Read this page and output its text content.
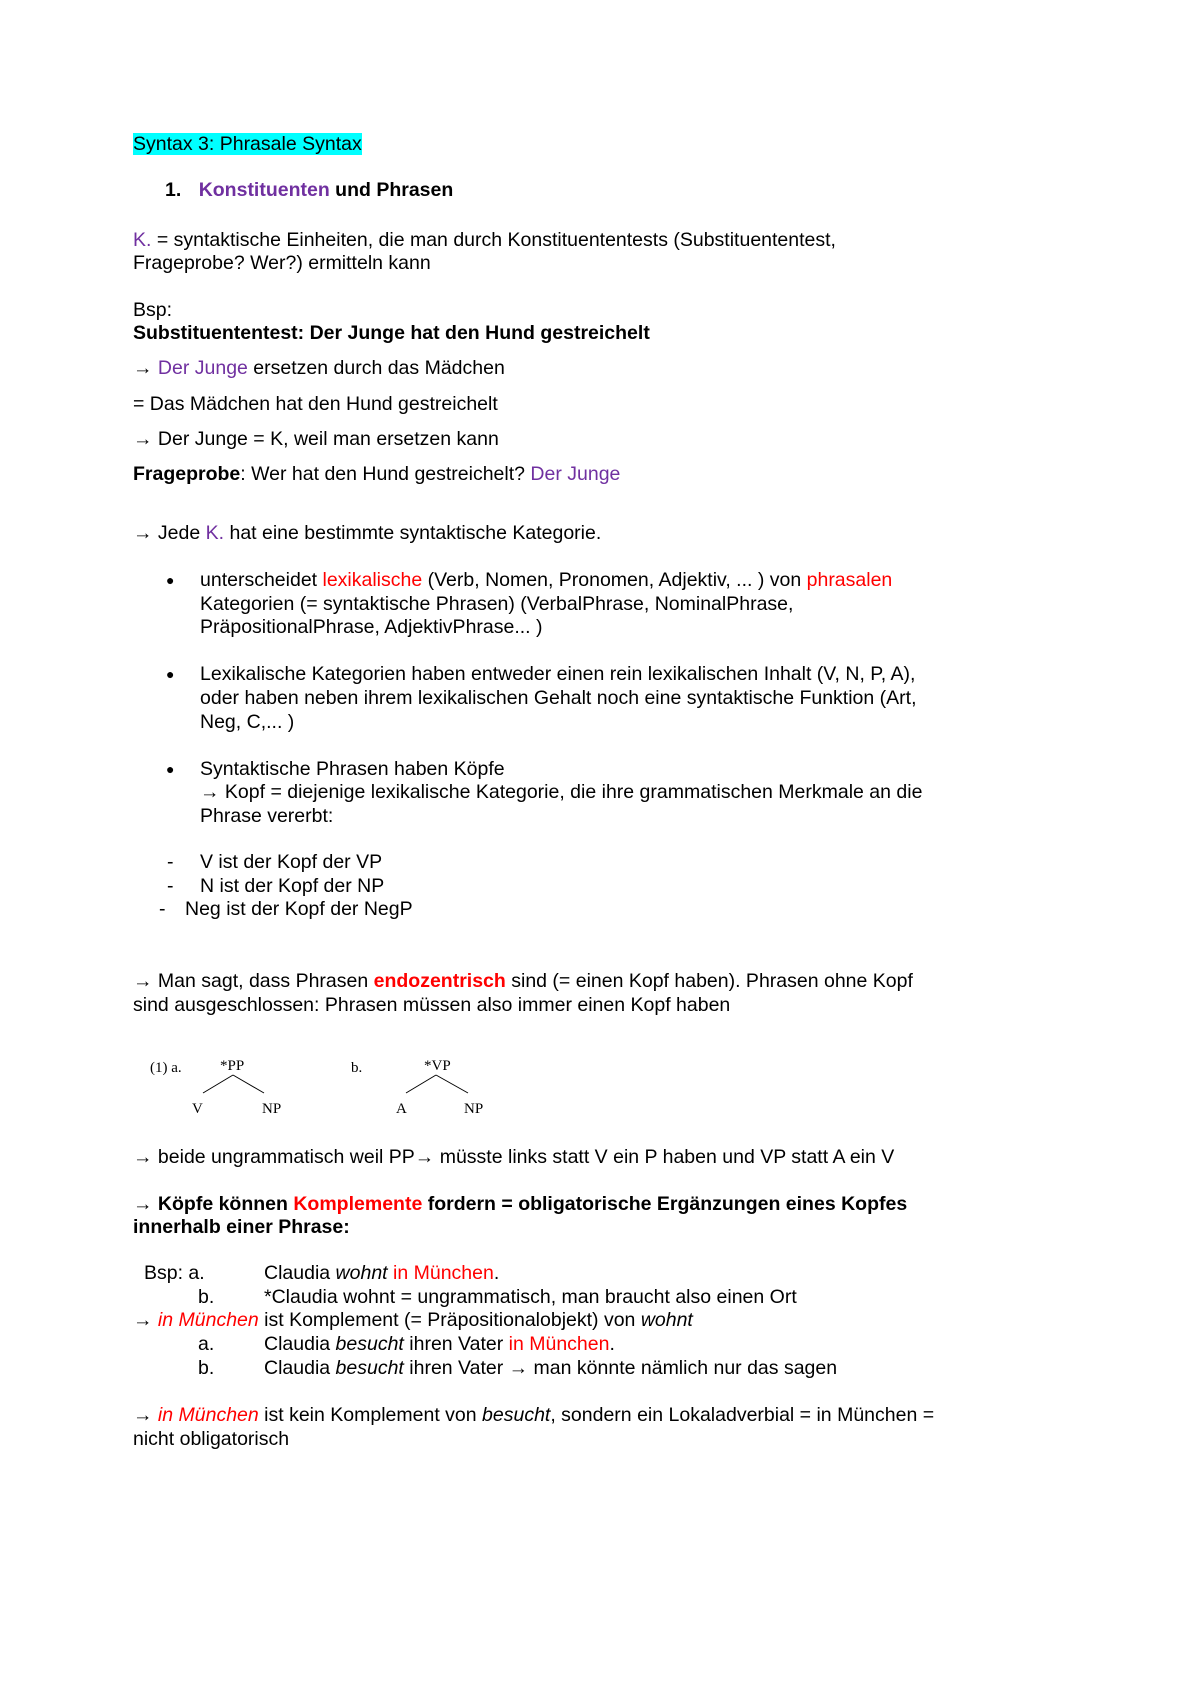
Syntax 3: Phrasale Syntax
1. Konstituenten und Phrasen
K. = syntaktische Einheiten, die man durch Konstituententests (Substituententest,
Frageprobe? Wer?) ermitteln kann
Bsp:
Substituententest: Der Junge hat den Hund gestreichelt
→ Der Junge ersetzen durch das Mädchen
= Das Mädchen hat den Hund gestreichelt
→ Der Junge = K, weil man ersetzen kann
Frageprobe: Wer hat den Hund gestreichelt? Der Junge
→ Jede K. hat eine bestimmte syntaktische Kategorie.
● unterscheidet lexikalische (Verb, Nomen, Pronomen, Adjektiv, ... ) von phrasalen
Kategorien (= syntaktische Phrasen) (VerbalPhrase, NominalPhrase,
PräpositionalPhrase, AdjektivPhrase... )
● Lexikalische Kategorien haben entweder einen rein lexikalischen Inhalt (V, N, P, A),
oder haben neben ihrem lexikalischen Gehalt noch eine syntaktische Funktion (Art,
Neg, C,... )
● Syntaktische Phrasen haben Köpfe
→ Kopf = diejenige lexikalische Kategorie, die ihre grammatischen Merkmale an die
Phrase vererbt:
- V ist der Kopf der VP
- N ist der Kopf der NP
- Neg ist der Kopf der NegP
→ Man sagt, dass Phrasen endozentrisch sind (= einen Kopf haben). Phrasen ohne Kopf
sind ausgeschlossen: Phrasen müssen also immer einen Kopf haben
(1) a.	*PP
V	NP
b.	*VP
A	NP
→ beide ungrammatisch weil PP→ müsste links statt V ein P haben und VP statt A ein V
→ Köpfe können Komplemente fordern = obligatorische Ergänzungen eines Kopfes
innerhalb einer Phrase:
Bsp: a.	Claudia wohnt in München.
b.	*Claudia wohnt = ungrammatisch, man braucht also einen Ort
→ in München ist Komplement (= Präpositionalobjekt) von wohnt
a.	Claudia besucht ihren Vater in München.
b.	Claudia besucht ihren Vater → man könnte nämlich nur das sagen
→ in München ist kein Komplement von besucht, sondern ein Lokaladverbial = in München =
nicht obligatorisch
